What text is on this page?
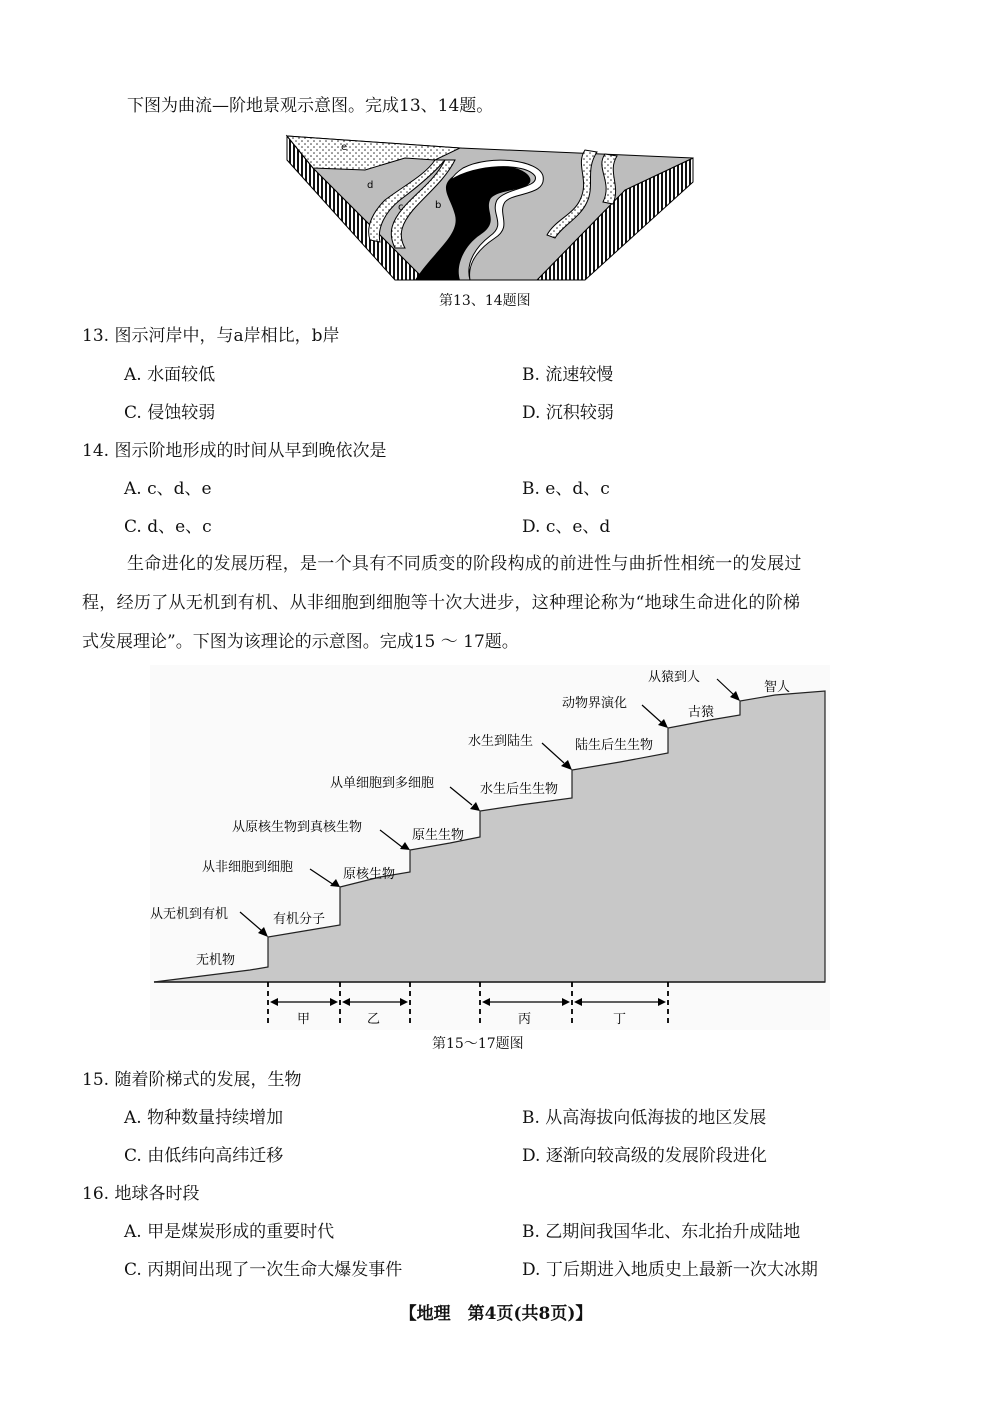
下图为曲流—阶地景观示意图。完成13、14题。
e
d
c	b	a
第13、14题图
13. 图示河岸中，与a岸相比，b岸
A. 水面较低	B. 流速较慢
C. 侵蚀较弱	D. 沉积较弱
14. 图示阶地形成的时间从早到晚依次是
A. c、d、e	B. e、d、c
C. d、e、c	D. c、e、d
生命进化的发展历程，是一个具有不同质变的阶段构成的前进性与曲折性相统一的发展过
程，经历了从无机到有机、从非细胞到细胞等十次大进步，这种理论称为“地球生命进化的阶梯
式发展理论”。下图为该理论的示意图。完成15 ～ 17题。
无机物
有机分子
原核生物
原生生物
水生后生生物
陆生后生生物
古猿
智人
从无机到有机
从非细胞到细胞
从原核生物到真核生物
从单细胞到多细胞
水生到陆生
动物界演化
从猿到人
甲	乙	丙	丁
第15～17题图
15. 随着阶梯式的发展，生物
A. 物种数量持续增加	B. 从高海拔向低海拔的地区发展
C. 由低纬向高纬迁移	D. 逐渐向较高级的发展阶段进化
16. 地球各时段
A. 甲是煤炭形成的重要时代	B. 乙期间我国华北、东北抬升成陆地
C. 丙期间出现了一次生命大爆发事件	D. 丁后期进入地质史上最新一次大冰期
【地理　第4页(共8页)】
